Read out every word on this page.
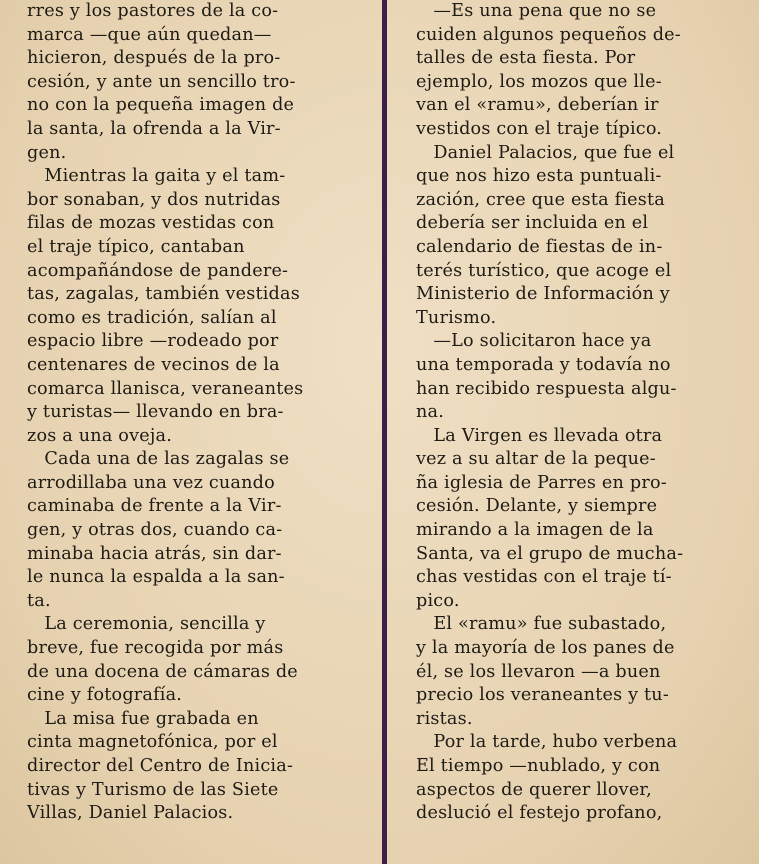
rres y los pastores de la co-
marca —que aún quedan—
hicieron, después de la pro-
cesión, y ante un sencillo tro-
no con la pequeña imagen de
la santa, la ofrenda a la Vir-
gen.
Mientras la gaita y el tam-
bor sonaban, y dos nutridas
filas de mozas vestidas con
el traje típico, cantaban
acompañándose de pandere-
tas, zagalas, también vestidas
como es tradición, salían al
espacio libre —rodeado por
centenares de vecinos de la
comarca llanisca, veraneantes
y turistas— llevando en bra-
zos a una oveja.
Cada una de las zagalas se
arrodillaba una vez cuando
caminaba de frente a la Vir-
gen, y otras dos, cuando ca-
minaba hacia atrás, sin dar-
le nunca la espalda a la san-
ta.
La ceremonia, sencilla y
breve, fue recogida por más
de una docena de cámaras de
cine y fotografía.
La misa fue grabada en
cinta magnetofónica, por el
director del Centro de Inicia-
tivas y Turismo de las Siete
Villas, Daniel Palacios.
—Es una pena que no se
cuiden algunos pequeños de-
talles de esta fiesta. Por
ejemplo, los mozos que lle-
van el «ramu», deberían ir
vestidos con el traje típico.
Daniel Palacios, que fue el
que nos hizo esta puntuali-
zación, cree que esta fiesta
debería ser incluida en el
calendario de fiestas de in-
terés turístico, que acoge el
Ministerio de Información y
Turismo.
—Lo solicitaron hace ya
una temporada y todavía no
han recibido respuesta algu-
na.
La Virgen es llevada otra
vez a su altar de la peque-
ña iglesia de Parres en pro-
cesión. Delante, y siempre
mirando a la imagen de la
Santa, va el grupo de mucha-
chas vestidas con el traje tí-
pico.
El «ramu» fue subastado,
y la mayoría de los panes de
él, se los llevaron —a buen
precio los veraneantes y tu-
ristas.
Por la tarde, hubo verbena
El tiempo —nublado, y con
aspectos de querer llover,
deslució el festejo profano,
